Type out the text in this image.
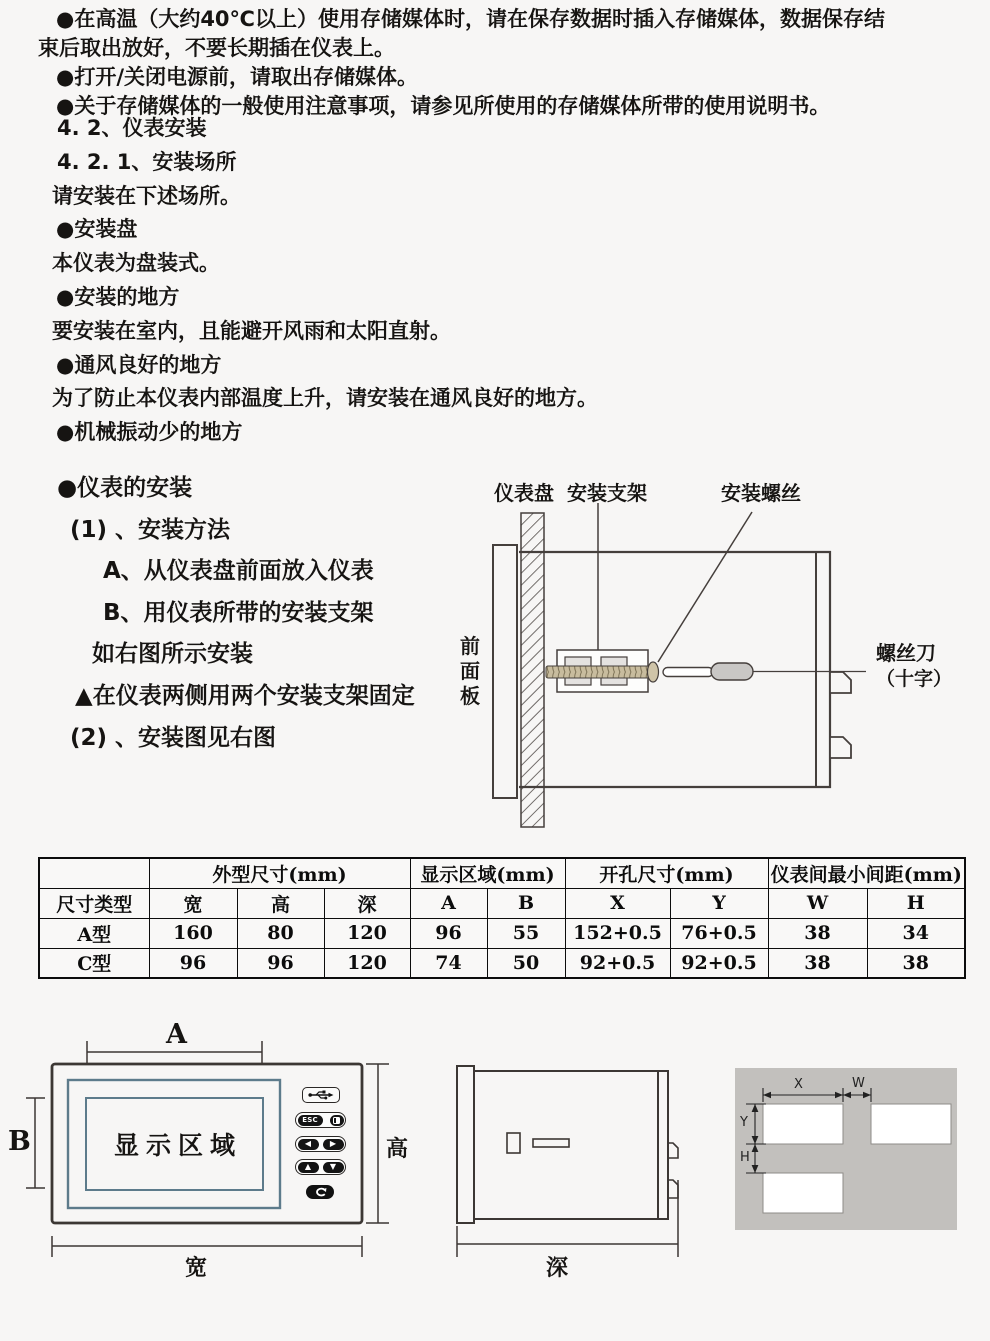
●在高温（大约40℃以上）使用存储媒体时，请在保存数据时插入存储媒体，数据保存结
束后取出放好，不要长期插在仪表上。
●打开/关闭电源前，请取出存储媒体。
●关于存储媒体的一般使用注意事项，请参见所使用的存储媒体所带的使用说明书。
4. 2、仪表安装
4. 2. 1、安装场所
请安装在下述场所。
●安装盘
本仪表为盘装式。
●安装的地方
要安装在室内，且能避开风雨和太阳直射。
●通风良好的地方
为了防止本仪表内部温度上升，请安装在通风良好的地方。
●机械振动少的地方
●仪表的安装
(1) 、安装方法
A、从仪表盘前面放入仪表
B、用仪表所带的安装支架
如右图所示安装
▲在仪表两侧用两个安装支架固定
(2) 、安装图见右图
仪表盘 安装支架	安装螺丝
前面板
螺丝刀
（十字）
	外型尺寸(mm)			显示区域(mm)		开孔尺寸(mm)		仪表间最小间距(mm)	
尺寸类型	宽	高	深	A	B	X	Y	W	H
A型	160	80	120	96	55	152+0.5	76+0.5	38	34
C型	96	96	120	74	50	92+0.5	92+0.5	38	38
A
B	高
宽	深
显示区域
ESC
◀ ▶
▲ ▼
X	W
Y
H
